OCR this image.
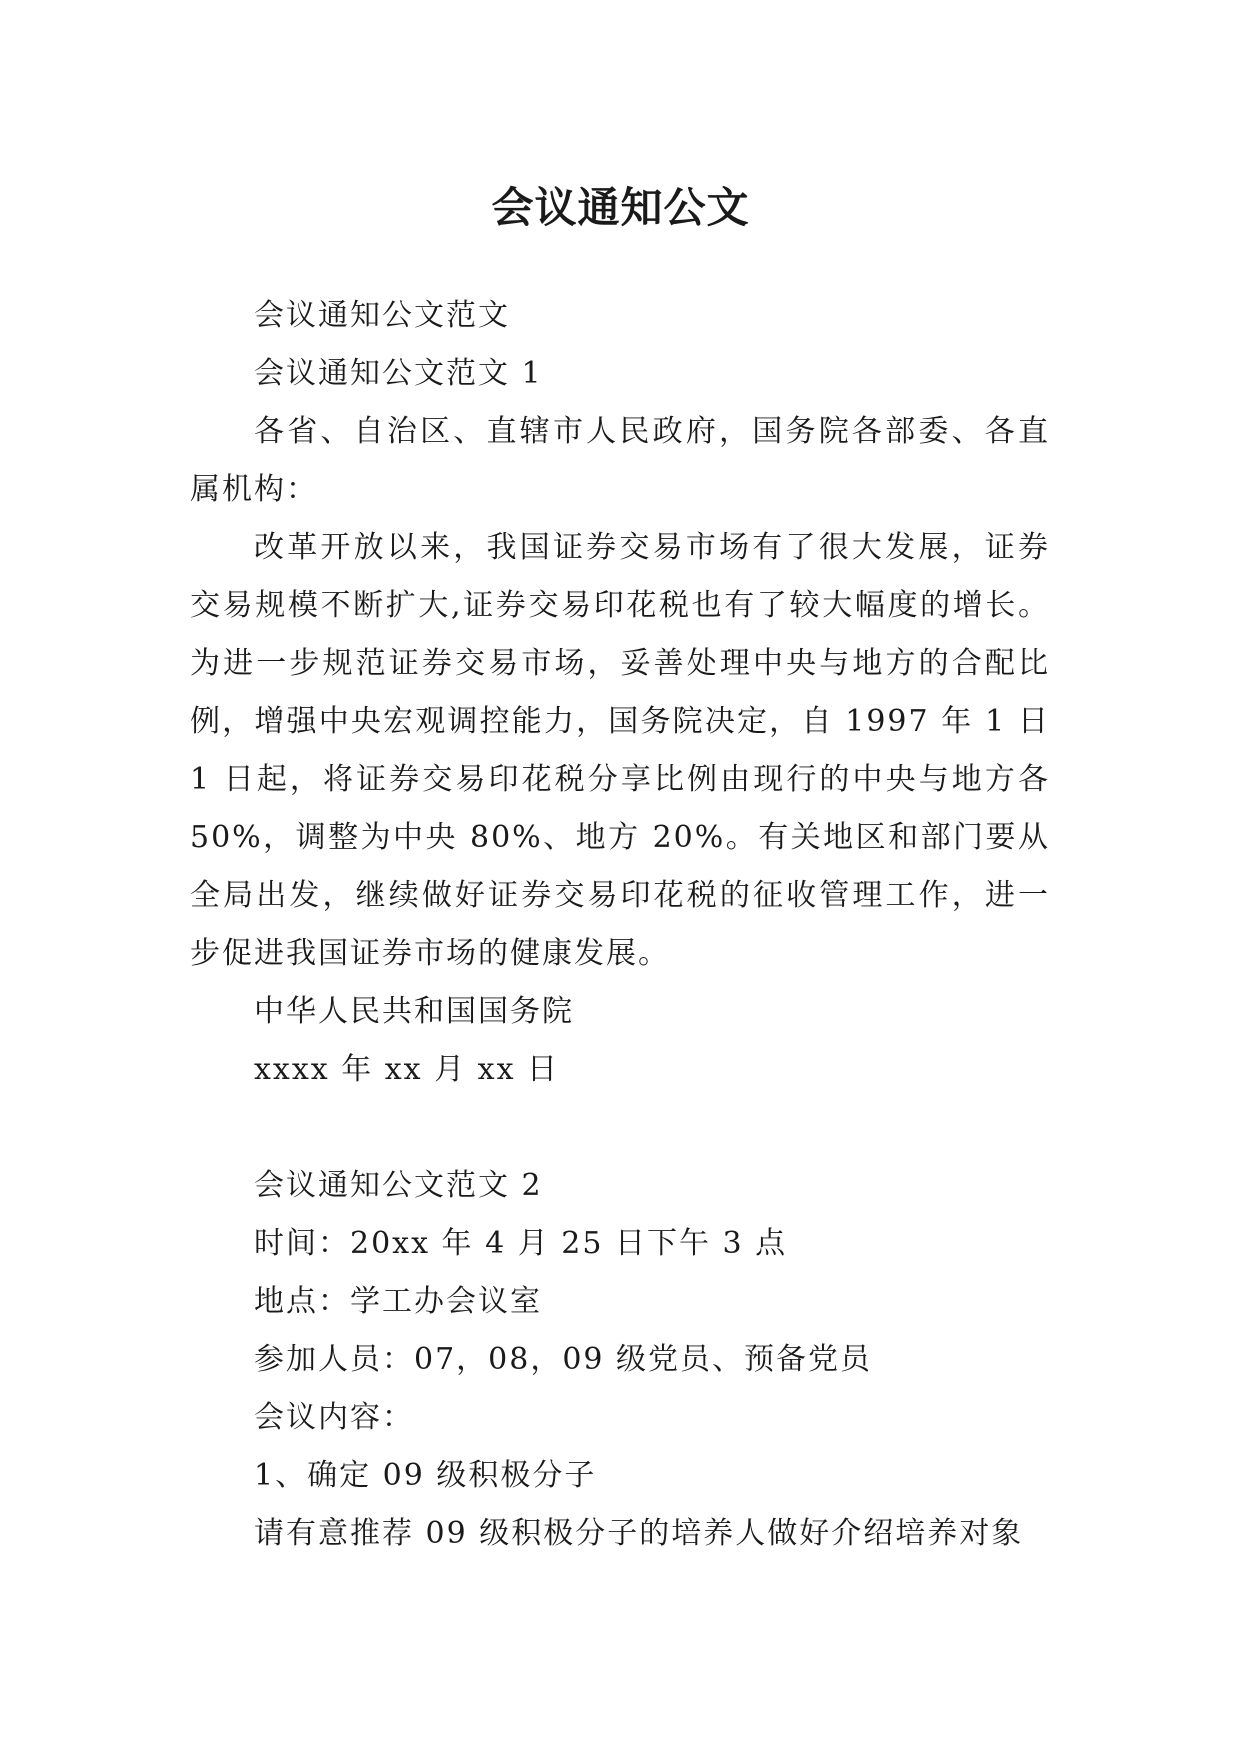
会议通知公文

会议通知公文范文

会议通知公文范文 1

各省、自治区、直辖市人民政府，国务院各部委、各直属机构：

改革开放以来，我国证券交易市场有了很大发展，证券交易规模不断扩大,证券交易印花税也有了较大幅度的增长。为进一步规范证券交易市场，妥善处理中央与地方的合配比例，增强中央宏观调控能力，国务院决定，自 1997 年 1 日 1 日起，将证券交易印花税分享比例由现行的中央与地方各 50%，调整为中央 80%、地方 20%。有关地区和部门要从全局出发，继续做好证券交易印花税的征收管理工作，进一步促进我国证券市场的健康发展。

中华人民共和国国务院

xxxx 年 xx 月 xx 日

会议通知公文范文 2

时间：20xx 年 4 月 25 日下午 3 点

地点：学工办会议室

参加人员：07，08，09 级党员、预备党员

会议内容：

1、确定 09 级积极分子

请有意推荐 09 级积极分子的培养人做好介绍培养对象
